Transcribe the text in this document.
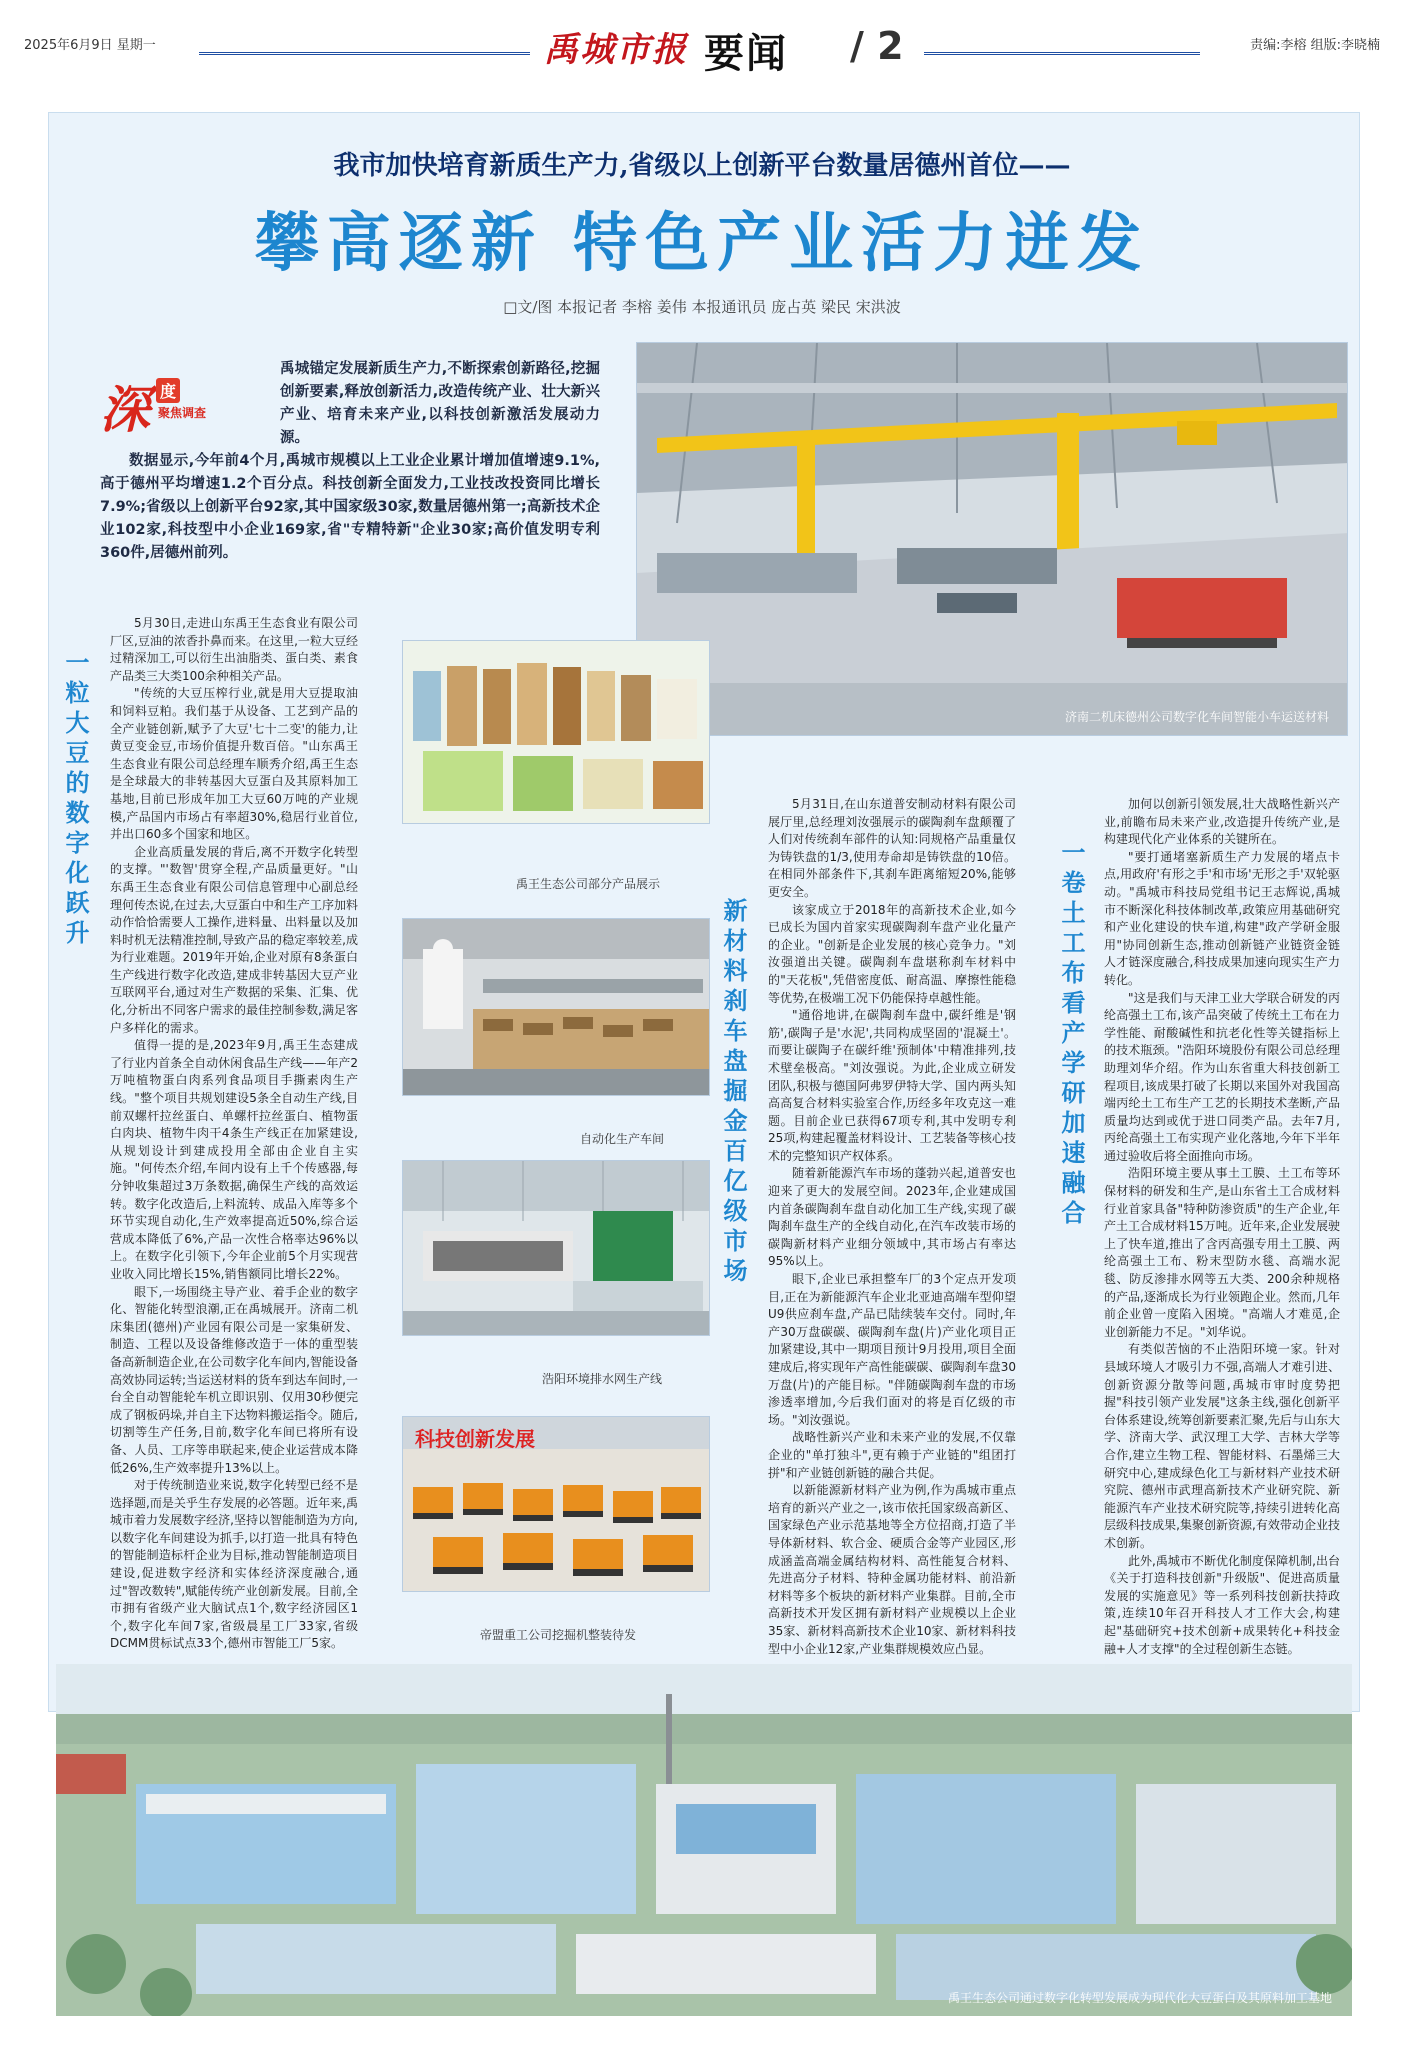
2025年6月9日 星期一	禹城市报 要闻 / 2	责编:李榕 组版:李晓楠
我市加快培育新质生产力,省级以上创新平台数量居德州首位——
攀高逐新 特色产业活力迸发
□文/图 本报记者 李榕 姜伟 本报通讯员 庞占英 梁民 宋洪波

禹城锚定发展新质生产力,不断探索创新路径,挖掘创新要素,释放创新活力,改造传统产业、壮大新兴产业、培育未来产业,以科技创新激活发展动力源。

数据显示,今年前4个月,禹城市规模以上工业企业累计增加值增速9.1%,高于德州平均增速1.2个百分点。科技创新全面发力,工业技改投资同比增长7.9%;省级以上创新平台92家,其中国家级30家,数量居德州第一;高新技术企业102家,科技型中小企业169家,省"专精特新"企业30家;高价值发明专利360件,居德州前列。

深 度
聚焦调查
济南二机床德州公司数字化车间智能小车运送材料
禹王生态公司部分产品展示
自动化生产车间
浩阳环境排水网生产线
科技创新发展
帝盟重工公司挖掘机整装待发
一粒大豆的数字化跃升
新材料刹车盘掘金百亿级市场	一卷土工布看产学研加速融合

5月30日,走进山东禹王生态食业有限公司厂区,豆油的浓香扑鼻而来。在这里,一粒大豆经过精深加工,可以衍生出油脂类、蛋白类、素食产品类三大类100余种相关产品。

"传统的大豆压榨行业,就是用大豆提取油和饲料豆粕。我们基于从设备、工艺到产品的全产业链创新,赋予了大豆'七十二变'的能力,让黄豆变金豆,市场价值提升数百倍。"山东禹王生态食业有限公司总经理车顺秀介绍,禹王生态是全球最大的非转基因大豆蛋白及其原料加工基地,目前已形成年加工大豆60万吨的产业规模,产品国内市场占有率超30%,稳居行业首位,并出口60多个国家和地区。

企业高质量发展的背后,离不开数字化转型的支撑。"'数智'贯穿全程,产品质量更好。"山东禹王生态食业有限公司信息管理中心副总经理何传杰说,在过去,大豆蛋白中和生产工序加料动作恰恰需要人工操作,进料量、出料量以及加料时机无法精准控制,导致产品的稳定率较差,成为行业难题。2019年开始,企业对原有8条蛋白生产线进行数字化改造,建成非转基因大豆产业互联网平台,通过对生产数据的采集、汇集、优化,分析出不同客户需求的最佳控制参数,满足客户多样化的需求。

值得一提的是,2023年9月,禹王生态建成了行业内首条全自动休闲食品生产线——年产2万吨植物蛋白肉系列食品项目手撕素肉生产线。"整个项目共规划建设5条全自动生产线,目前双螺杆拉丝蛋白、单螺杆拉丝蛋白、植物蛋白肉块、植物牛肉干4条生产线正在加紧建设,从规划设计到建成投用全部由企业自主实施。"何传杰介绍,车间内设有上千个传感器,每分钟收集超过3万条数据,确保生产线的高效运转。数字化改造后,上料流转、成品入库等多个环节实现自动化,生产效率提高近50%,综合运营成本降低了6%,产品一次性合格率达96%以上。在数字化引领下,今年企业前5个月实现营业收入同比增长15%,销售额同比增长22%。

眼下,一场围绕主导产业、着手企业的数字化、智能化转型浪潮,正在禹城展开。济南二机床集团(德州)产业园有限公司是一家集研发、制造、工程以及设备维修改造于一体的重型装备高新制造企业,在公司数字化车间内,智能设备高效协同运转;当运送材料的货车到达车间时,一台全自动智能轮车机立即识别、仅用30秒便完成了钢板码垛,并自主下达物料搬运指令。随后,切割等生产任务,目前,数字化车间已将所有设备、人员、工序等串联起来,使企业运营成本降低26%,生产效率提升13%以上。

对于传统制造业来说,数字化转型已经不是选择题,而是关乎生存发展的必答题。近年来,禹城市着力发展数字经济,坚持以智能制造为方向,以数字化车间建设为抓手,以打造一批具有特色的智能制造标杆企业为目标,推动智能制造项目建设,促进数字经济和实体经济深度融合,通过"智改数转",赋能传统产业创新发展。目前,全市拥有省级产业大脑试点1个,数字经济园区1个,数字化车间7家,省级晨星工厂33家,省级DCMM贯标试点33个,德州市智能工厂5家。

5月31日,在山东道普安制动材料有限公司展厅里,总经理刘汝强展示的碳陶刹车盘颠覆了人们对传统刹车部件的认知:同规格产品重量仅为铸铁盘的1/3,使用寿命却是铸铁盘的10倍。在相同外部条件下,其刹车距离缩短20%,能够更安全。

该家成立于2018年的高新技术企业,如今已成长为国内首家实现碳陶刹车盘产业化量产的企业。"创新是企业发展的核心竞争力。"刘汝强道出关键。碳陶刹车盘堪称刹车材料中的"天花板",凭借密度低、耐高温、摩擦性能稳等优势,在极端工况下仍能保持卓越性能。

"通俗地讲,在碳陶刹车盘中,碳纤维是'钢筋',碳陶子是'水泥',共同构成坚固的'混凝土'。而要让碳陶子在碳纤维'预制体'中精准排列,技术壁垒极高。"刘汝强说。为此,企业成立研发团队,积极与德国阿弗罗伊特大学、国内两头知高高复合材料实验室合作,历经多年攻克这一难题。目前企业已获得67项专利,其中发明专利25项,构建起覆盖材料设计、工艺装备等核心技术的完整知识产权体系。

随着新能源汽车市场的蓬勃兴起,道普安也迎来了更大的发展空间。2023年,企业建成国内首条碳陶刹车盘自动化加工生产线,实现了碳陶刹车盘生产的全线自动化,在汽车改装市场的碳陶新材料产业细分领域中,其市场占有率达95%以上。

眼下,企业已承担整车厂的3个定点开发项目,正在为新能源汽车企业北亚迪高端车型仰望U9供应刹车盘,产品已陆续装车交付。同时,年产30万盘碳碳、碳陶刹车盘(片)产业化项目正加紧建设,其中一期项目预计9月投用,项目全面建成后,将实现年产高性能碳碳、碳陶刹车盘30万盘(片)的产能目标。"伴随碳陶刹车盘的市场渗透率增加,今后我们面对的将是百亿级的市场。"刘汝强说。

战略性新兴产业和未来产业的发展,不仅靠企业的"单打独斗",更有赖于产业链的"组团打拼"和产业链创新链的融合共促。

以新能源新材料产业为例,作为禹城市重点培育的新兴产业之一,该市依托国家级高新区、国家绿色产业示范基地等全方位招商,打造了半导体新材料、软合金、硬质合金等产业园区,形成涵盖高端金属结构材料、高性能复合材料、先进高分子材料、特种金属功能材料、前沿新材料等多个板块的新材料产业集群。目前,全市高新技术开发区拥有新材料产业规模以上企业35家、新材料高新技术企业10家、新材料科技型中小企业12家,产业集群规模效应凸显。

加何以创新引领发展,壮大战略性新兴产业,前瞻布局未来产业,改造提升传统产业,是构建现代化产业体系的关键所在。

"要打通堵塞新质生产力发展的堵点卡点,用政府'有形之手'和市场'无形之手'双轮驱动。"禹城市科技局党组书记王志辉说,禹城市不断深化科技体制改革,政策应用基础研究和产业化建设的快车道,构建"政产学研金服用"协同创新生态,推动创新链产业链资金链人才链深度融合,科技成果加速向现实生产力转化。

"这是我们与天津工业大学联合研发的丙纶高强土工布,该产品突破了传统土工布在力学性能、耐酸碱性和抗老化性等关键指标上的技术瓶颈。"浩阳环境股份有限公司总经理助理刘华介绍。作为山东省重大科技创新工程项目,该成果打破了长期以来国外对我国高端丙纶土工布生产工艺的长期技术垄断,产品质量均达到或优于进口同类产品。去年7月,丙纶高强土工布实现产业化落地,今年下半年通过验收后将全面推向市场。

浩阳环境主要从事土工膜、土工布等环保材料的研发和生产,是山东省土工合成材料行业首家具备"特种防渗资质"的生产企业,年产土工合成材料15万吨。近年来,企业发展驶上了快车道,推出了含丙高强专用土工膜、两纶高强土工布、粉末型防水毯、高端水泥毯、防反渗排水网等五大类、200余种规格的产品,逐渐成长为行业领跑企业。然而,几年前企业曾一度陷入困境。"高端人才难觅,企业创新能力不足。"刘华说。

有类似苦恼的不止浩阳环境一家。针对县域环境人才吸引力不强,高端人才难引进、创新资源分散等问题,禹城市审时度势把握"科技引领产业发展"这条主线,强化创新平台体系建设,统筹创新要素汇聚,先后与山东大学、济南大学、武汉理工大学、吉林大学等合作,建立生物工程、智能材料、石墨烯三大研究中心,建成绿色化工与新材料产业技术研究院、德州市武理高新技术产业研究院、新能源汽车产业技术研究院等,持续引进转化高层级科技成果,集聚创新资源,有效带动企业技术创新。

此外,禹城市不断优化制度保障机制,出台《关于打造科技创新"升级版"、促进高质量发展的实施意见》等一系列科技创新扶持政策,连续10年召开科技人才工作大会,构建起"基础研究+技术创新+成果转化+科技金融+人才支撑"的全过程创新生态链。

禹王生态公司通过数字化转型发展成为现代化大豆蛋白及其原料加工基地
